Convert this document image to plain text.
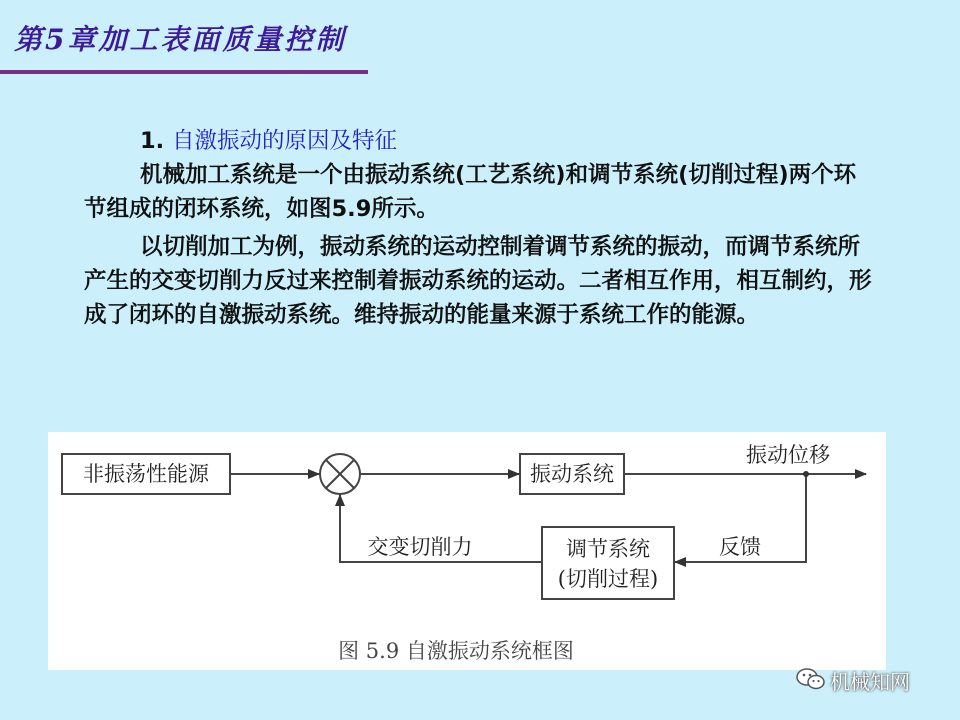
第5章加工表面质量控制

1. 自激振动的原因及特征

机械加工系统是一个由振动系统(工艺系统)和调节系统(切削过程)两个环节组成的闭环系统，如图5.9所示。

以切削加工为例，振动系统的运动控制着调节系统的振动，而调节系统所产生的交变切削力反过来控制着振动系统的运动。二者相互作用，相互制约，形成了闭环的自激振动系统。维持振动的能量来源于系统工作的能源。

非振荡性能源	振动系统
振动位移
调节系统
(切削过程)
反馈
交变切削力
图 5.9 自激振动系统框图
机械知网
